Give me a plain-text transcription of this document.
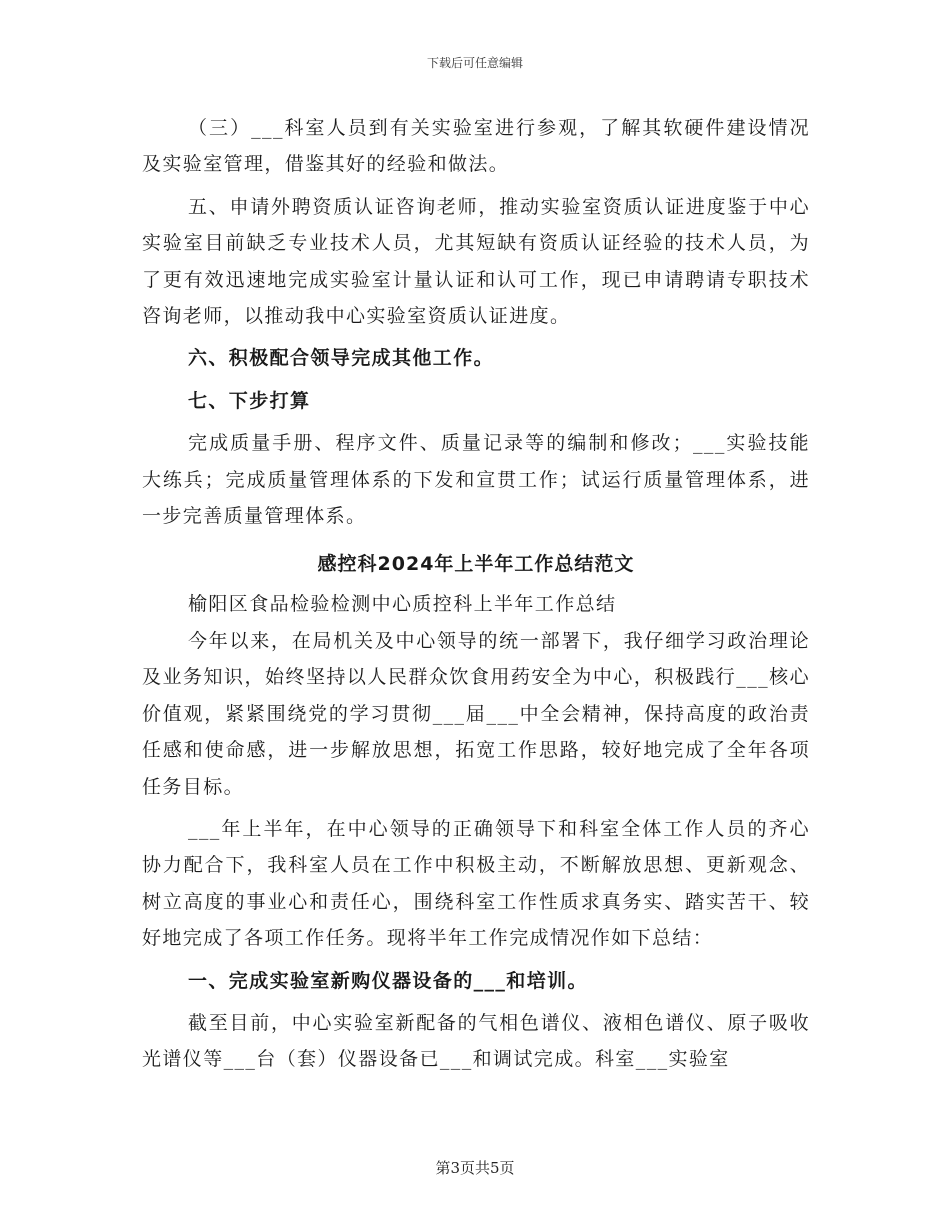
下载后可任意编辑

（三）___科室人员到有关实验室进行参观，了解其软硬件建设情况及实验室管理，借鉴其好的经验和做法。

五、申请外聘资质认证咨询老师，推动实验室资质认证进度鉴于中心实验室目前缺乏专业技术人员，尤其短缺有资质认证经验的技术人员，为了更有效迅速地完成实验室计量认证和认可工作，现已申请聘请专职技术咨询老师，以推动我中心实验室资质认证进度。

六、积极配合领导完成其他工作。

七、下步打算

完成质量手册、程序文件、质量记录等的编制和修改；___实验技能大练兵；完成质量管理体系的下发和宣贯工作；试运行质量管理体系，进一步完善质量管理体系。

感控科2024年上半年工作总结范文

榆阳区食品检验检测中心质控科上半年工作总结

今年以来，在局机关及中心领导的统一部署下，我仔细学习政治理论及业务知识，始终坚持以人民群众饮食用药安全为中心，积极践行___核心价值观，紧紧围绕党的学习贯彻___届___中全会精神，保持高度的政治责任感和使命感，进一步解放思想，拓宽工作思路，较好地完成了全年各项任务目标。

___年上半年，在中心领导的正确领导下和科室全体工作人员的齐心协力配合下，我科室人员在工作中积极主动，不断解放思想、更新观念、树立高度的事业心和责任心，围绕科室工作性质求真务实、踏实苦干、较好地完成了各项工作任务。现将半年工作完成情况作如下总结：

一、完成实验室新购仪器设备的___和培训。

截至目前，中心实验室新配备的气相色谱仪、液相色谱仪、原子吸收光谱仪等___台（套）仪器设备已___和调试完成。科室___实验室

第3页共5页
